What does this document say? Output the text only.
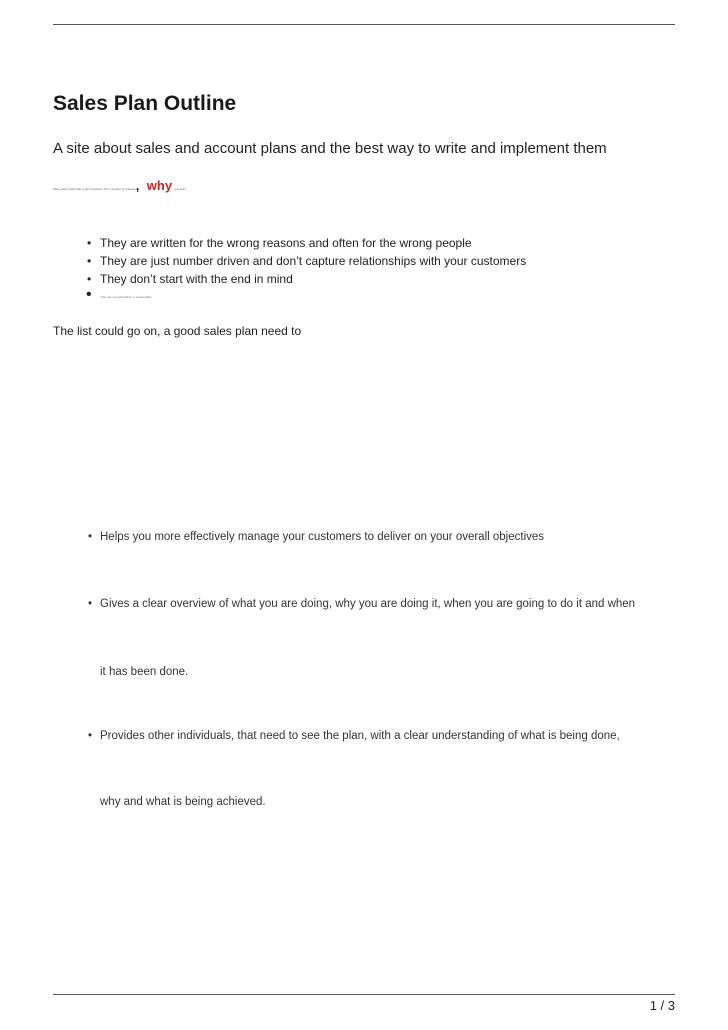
Sales Plan Outline

A site about sales and account plans and the best way to write and implement them

Many sales plans fail to get anywhere for a number of reasons, why you ask?
• They are written for the wrong reasons and often for the wrong people
• They are just number driven and don’t capture relationships with your customers
• They don’t start with the end in mind
•	They are not actionable or measurable

The list could go on, a good sales plan need to

• Helps you more effectively manage your customers to deliver on your overall objectives
• Gives a clear overview of what you are doing, why you are doing it, when you are going to do it and when
it has been done.
• Provides other individuals, that need to see the plan, with a clear understanding of what is being done,
why and what is being achieved.
1 / 3
